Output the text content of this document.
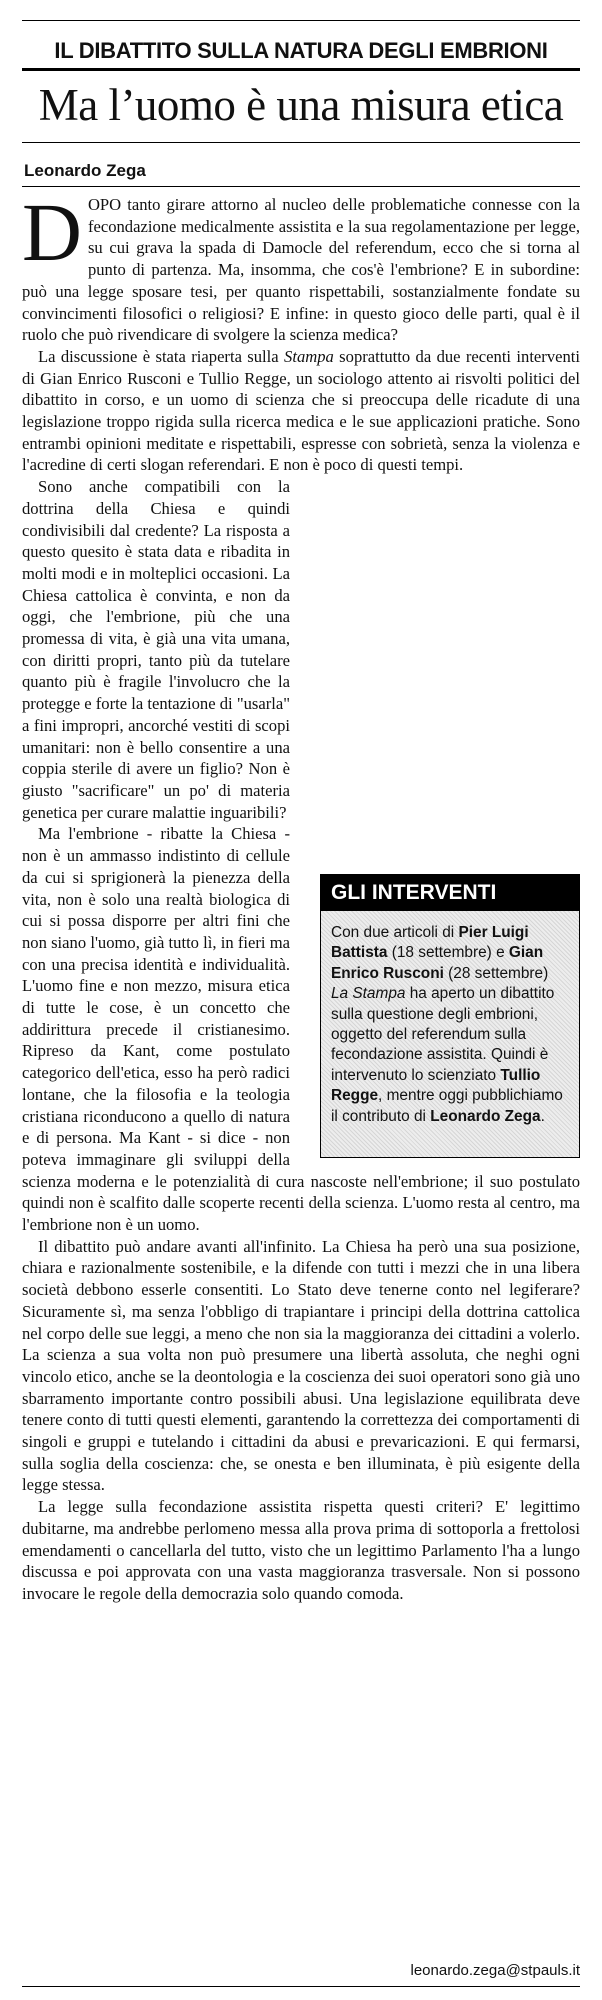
IL DIBATTITO SULLA NATURA DEGLI EMBRIONI
Ma l’uomo è una misura etica
Leonardo Zega

DOPO tanto girare attorno al nucleo delle problematiche connesse con la fecondazione medicalmente assistita e la sua regolamentazione per legge, su cui grava la spada di Damocle del referendum, ecco che si torna al punto di partenza. Ma, insomma, che cos'è l'embrione? E in subordine: può una legge sposare tesi, per quanto rispettabili, sostanzialmente fondate su convincimenti filosofici o religiosi? E infine: in questo gioco delle parti, qual è il ruolo che può rivendicare di svolgere la scienza medica?

La discussione è stata riaperta sulla Stampa soprattutto da due recenti interventi di Gian Enrico Rusconi e Tullio Regge, un sociologo attento ai risvolti politici del dibattito in corso, e un uomo di scienza che si preoccupa delle ricadute di una legislazione troppo rigida sulla ricerca medica e le sue applicazioni pratiche. Sono entrambi opinioni meditate e rispettabili, espresse con sobrietà, senza la violenza e l'acredine di certi slogan referendari. E non è poco di questi tempi.

Sono anche compatibili con la dottrina della Chiesa e quindi condivisibili dal credente? La risposta a questo quesito è stata data e ribadita in molti modi e in molteplici occasioni. La Chiesa cattolica è convinta, e non da oggi, che l'embrione, più che una promessa di vita, è già una vita umana, con diritti propri, tanto più da tutelare quanto più è fragile l'involucro che la protegge e forte la tentazione di "usarla" a fini impropri, ancorché vestiti di scopi umanitari: non è bello consentire a una coppia sterile di avere un figlio? Non è giusto "sacrificare" un po' di materia genetica per curare malattie inguaribili?

Ma l'embrione - ribatte la Chiesa - non è un ammasso indistinto di cellule da cui si sprigionerà la pienezza della vita, non è solo una realtà biologica di cui si possa disporre per altri fini che non siano l'uomo, già tutto lì, in fieri ma con una precisa identità e individualità. L'uomo fine e non mezzo, misura etica di tutte le cose, è un concetto che addirittura precede il cristianesimo. Ripreso da Kant, come postulato categorico dell'etica, esso ha però radici lontane, che la filosofia e la teologia cristiana riconducono a quello di natura e di persona. Ma Kant - si dice - non poteva immaginare gli sviluppi della scienza moderna e le potenzialità di cura nascoste nell'embrione; il suo postulato quindi non è scalfito dalle scoperte recenti della scienza. L'uomo resta al centro, ma l'embrione non è un uomo.

Il dibattito può andare avanti all'infinito. La Chiesa ha però una sua posizione, chiara e razionalmente sostenibile, e la difende con tutti i mezzi che in una libera società debbono esserle consentiti. Lo Stato deve tenerne conto nel legiferare? Sicuramente sì, ma senza l'obbligo di trapiantare i principi della dottrina cattolica nel corpo delle sue leggi, a meno che non sia la maggioranza dei cittadini a volerlo. La scienza a sua volta non può presumere una libertà assoluta, che neghi ogni vincolo etico, anche se la deontologia e la coscienza dei suoi operatori sono già uno sbarramento importante contro possibili abusi. Una legislazione equilibrata deve tenere conto di tutti questi elementi, garantendo la correttezza dei comportamenti di singoli e gruppi e tutelando i cittadini da abusi e prevaricazioni. E qui fermarsi, sulla soglia della coscienza: che, se onesta e ben illuminata, è più esigente della legge stessa.

La legge sulla fecondazione assistita rispetta questi criteri? E' legittimo dubitarne, ma andrebbe perlomeno messa alla prova prima di sottoporla a frettolosi emendamenti o cancellarla del tutto, visto che un legittimo Parlamento l'ha a lungo discussa e poi approvata con una vasta maggioranza trasversale. Non si possono invocare le regole della democrazia solo quando comoda.

GLI INTERVENTI
Con due articoli di Pier Luigi Battista (18 settembre) e Gian Enrico Rusconi (28 settembre) La Stampa ha aperto un dibattito sulla questione degli embrioni, oggetto del referendum sulla fecondazione assistita. Quindi è intervenuto lo scienziato Tullio Regge, mentre oggi pubblichiamo il contributo di Leonardo Zega.
leonardo.zega@stpauls.it
